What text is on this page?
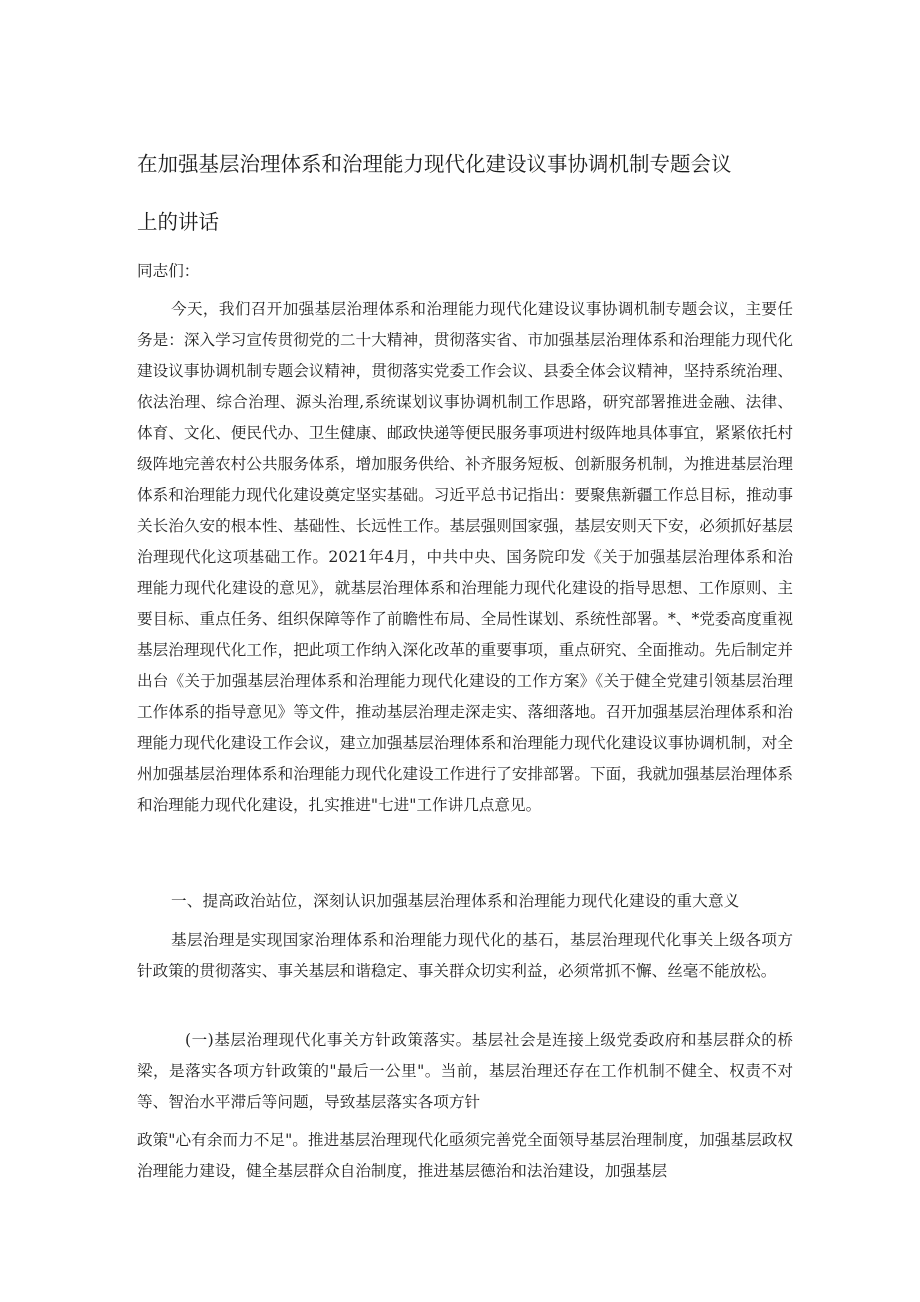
在加强基层治理体系和治理能力现代化建设议事协调机制专题会议
上的讲话
同志们：
今天，我们召开加强基层治理体系和治理能力现代化建设议事协调机制专题会议，主要任务是：深入学习宣传贯彻党的二十大精神，贯彻落实省、市加强基层治理体系和治理能力现代化建设议事协调机制专题会议精神，贯彻落实党委工作会议、县委全体会议精神，坚持系统治理、依法治理、综合治理、源头治理,系统谋划议事协调机制工作思路，研究部署推进金融、法律、体育、文化、便民代办、卫生健康、邮政快递等便民服务事项进村级阵地具体事宜，紧紧依托村级阵地完善农村公共服务体系，增加服务供给、补齐服务短板、创新服务机制，为推进基层治理体系和治理能力现代化建设奠定坚实基础。习近平总书记指出：要聚焦新疆工作总目标，推动事关长治久安的根本性、基础性、长远性工作。基层强则国家强，基层安则天下安，必须抓好基层治理现代化这项基础工作。2021年4月，中共中央、国务院印发《关于加强基层治理体系和治理能力现代化建设的意见》，就基层治理体系和治理能力现代化建设的指导思想、工作原则、主要目标、重点任务、组织保障等作了前瞻性布局、全局性谋划、系统性部署。*、*党委高度重视基层治理现代化工作，把此项工作纳入深化改革的重要事项，重点研究、全面推动。先后制定并出台《关于加强基层治理体系和治理能力现代化建设的工作方案》《关于健全党建引领基层治理工作体系的指导意见》等文件，推动基层治理走深走实、落细落地。召开加强基层治理体系和治理能力现代化建设工作会议，建立加强基层治理体系和治理能力现代化建设议事协调机制，对全州加强基层治理体系和治理能力现代化建设工作进行了安排部署。下面，我就加强基层治理体系和治理能力现代化建设，扎实推进"七进"工作讲几点意见。
一、提高政治站位，深刻认识加强基层治理体系和治理能力现代化建设的重大意义
基层治理是实现国家治理体系和治理能力现代化的基石，基层治理现代化事关上级各项方针政策的贯彻落实、事关基层和谐稳定、事关群众切实利益，必须常抓不懈、丝毫不能放松。
(一)基层治理现代化事关方针政策落实。基层社会是连接上级党委政府和基层群众的桥梁，是落实各项方针政策的"最后一公里"。当前，基层治理还存在工作机制不健全、权责不对等、智治水平滞后等问题，导致基层落实各项方针
政策"心有余而力不足"。推进基层治理现代化亟须完善党全面领导基层治理制度，加强基层政权治理能力建设，健全基层群众自治制度，推进基层德治和法治建设，加强基层
